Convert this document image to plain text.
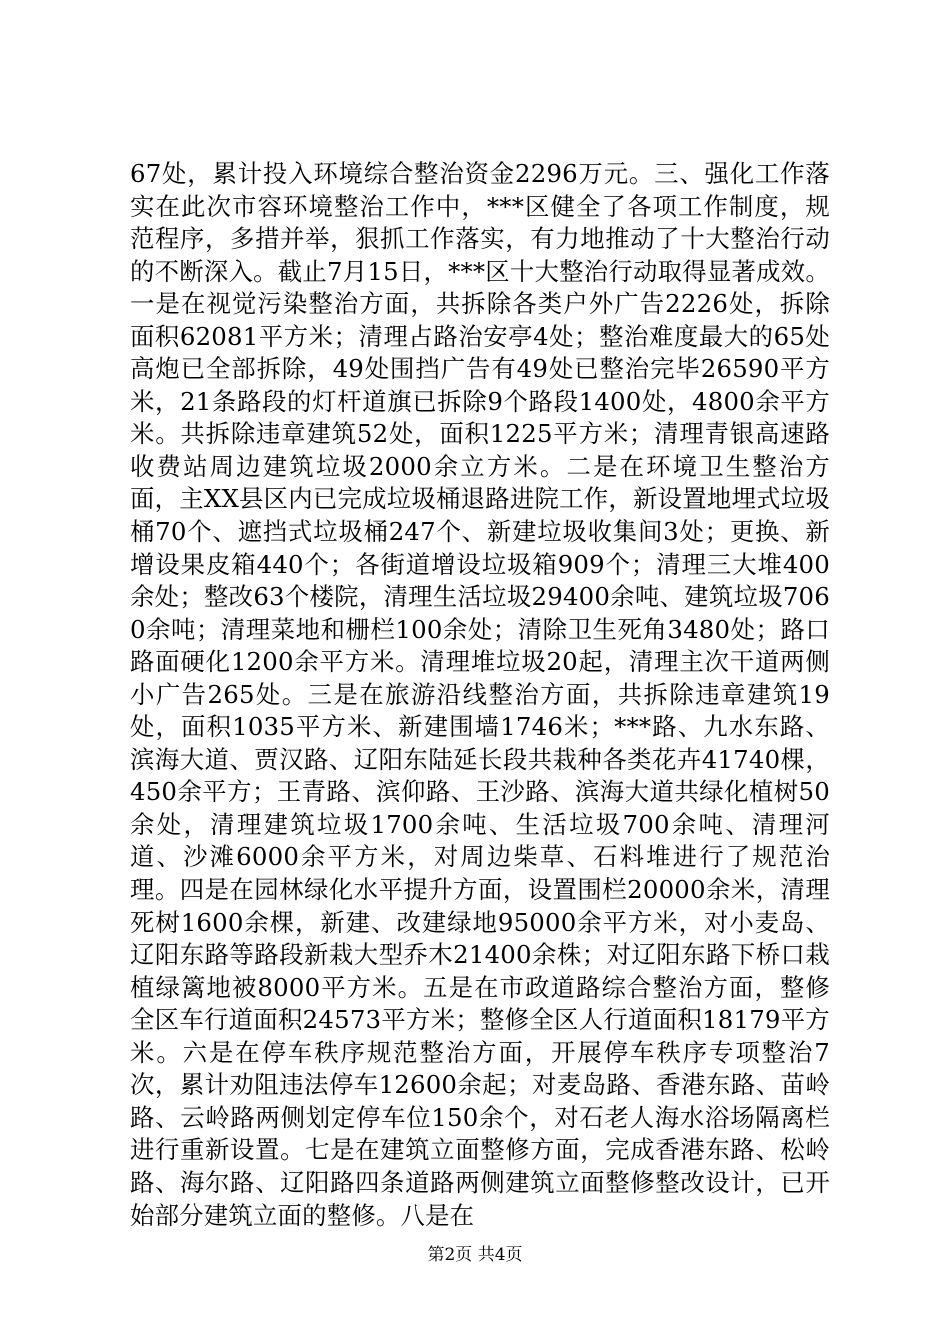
67处，累计投入环境综合整治资金2296万元。三、强化工作落实在此次市容环境整治工作中，***区健全了各项工作制度，规范程序，多措并举，狠抓工作落实，有力地推动了十大整治行动的不断深入。截止7月15日，***区十大整治行动取得显著成效。一是在视觉污染整治方面，共拆除各类户外广告2226处，拆除面积62081平方米；清理占路治安亭4处；整治难度最大的65处高炮已全部拆除，49处围挡广告有49处已整治完毕26590平方米，21条路段的灯杆道旗已拆除9个路段1400处，4800余平方米。共拆除违章建筑52处，面积1225平方米；清理青银高速路收费站周边建筑垃圾2000余立方米。二是在环境卫生整治方面，主XX县区内已完成垃圾桶退路进院工作，新设置地埋式垃圾桶70个、遮挡式垃圾桶247个、新建垃圾收集间3处；更换、新增设果皮箱440个；各街道增设垃圾箱909个；清理三大堆400余处；整改63个楼院，清理生活垃圾29400余吨、建筑垃圾7060余吨；清理菜地和栅栏100余处；清除卫生死角3480处；路口路面硬化1200余平方米。清理堆垃圾20起，清理主次干道两侧小广告265处。三是在旅游沿线整治方面，共拆除违章建筑19处，面积1035平方米、新建围墙1746米；***路、九水东路、滨海大道、贾汉路、辽阳东陆延长段共栽种各类花卉41740棵，450余平方；王青路、滨仰路、王沙路、滨海大道共绿化植树50余处，清理建筑垃圾1700余吨、生活垃圾700余吨、清理河道、沙滩6000余平方米，对周边柴草、石料堆进行了规范治理。四是在园林绿化水平提升方面，设置围栏20000余米，清理死树1600余棵，新建、改建绿地95000余平方米，对小麦岛、辽阳东路等路段新栽大型乔木21400余株；对辽阳东路下桥口栽植绿篱地被8000平方米。五是在市政道路综合整治方面，整修全区车行道面积24573平方米；整修全区人行道面积18179平方米。六是在停车秩序规范整治方面，开展停车秩序专项整治7次，累计劝阻违法停车12600余起；对麦岛路、香港东路、苗岭路、云岭路两侧划定停车位150余个，对石老人海水浴场隔离栏进行重新设置。七是在建筑立面整修方面，完成香港东路、松岭路、海尔路、辽阳路四条道路两侧建筑立面整修整改设计，已开始部分建筑立面的整修。八是在

第2页 共4页
